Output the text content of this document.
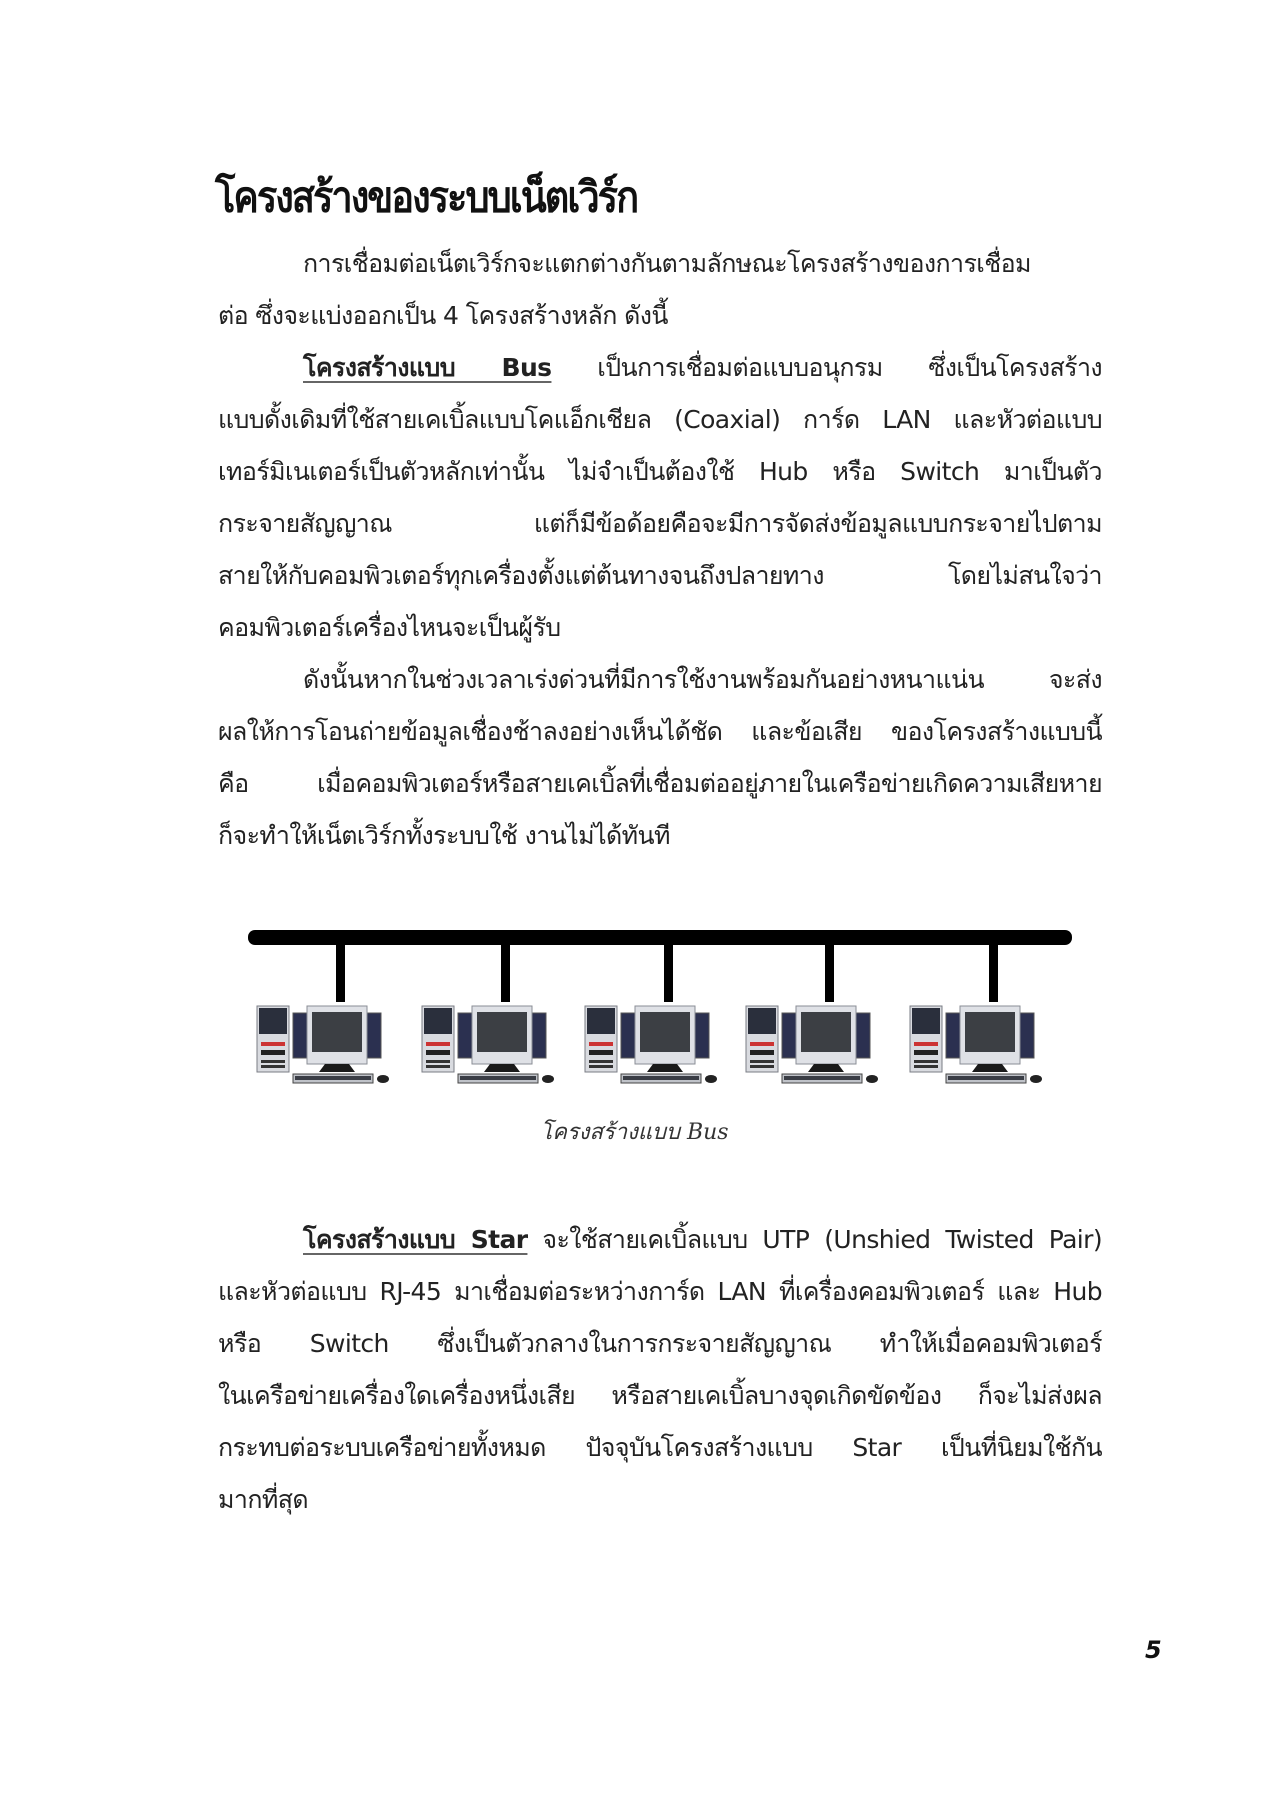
โครงสร้างของระบบเน็ตเวิร์ก
การเชื่อมต่อเน็ตเวิร์กจะแตกต่างกันตามลักษณะโครงสร้างของการเชื่อม
ต่อ ซึ่งจะแบ่งออกเป็น 4 โครงสร้างหลัก ดังนี้
โครงสร้างแบบ Bus เป็นการเชื่อมต่อแบบอนุกรม ซึ่งเป็นโครงสร้าง
แบบดั้งเดิมที่ใช้สายเคเบิ้ลแบบโคแอ็กเชียล (Coaxial) การ์ด LAN และหัวต่อแบบ
เทอร์มิเนเตอร์เป็นตัวหลักเท่านั้น ไม่จำเป็นต้องใช้ Hub หรือ Switch มาเป็นตัว
กระจายสัญญาณ แต่ก็มีข้อด้อยคือจะมีการจัดส่งข้อมูลแบบกระจายไปตาม
สายให้กับคอมพิวเตอร์ทุกเครื่องตั้งแต่ต้นทางจนถึงปลายทาง โดยไม่สนใจว่า
คอมพิวเตอร์เครื่องไหนจะเป็นผู้รับ
ดังนั้นหากในช่วงเวลาเร่งด่วนที่มีการใช้งานพร้อมกันอย่างหนาแน่น จะส่ง
ผลให้การโอนถ่ายข้อมูลเชื่องช้าลงอย่างเห็นได้ชัด และข้อเสีย ของโครงสร้างแบบนี้
คือ เมื่อคอมพิวเตอร์หรือสายเคเบิ้ลที่เชื่อมต่ออยู่ภายในเครือข่ายเกิดความเสียหาย
ก็จะทำให้เน็ตเวิร์กทั้งระบบใช้ งานไม่ได้ทันที
โครงสร้างแบบ Bus
โครงสร้างแบบ Star จะใช้สายเคเบิ้ลแบบ UTP (Unshied Twisted Pair)
และหัวต่อแบบ RJ-45 มาเชื่อมต่อระหว่างการ์ด LAN ที่เครื่องคอมพิวเตอร์ และ Hub
หรือ Switch ซึ่งเป็นตัวกลางในการกระจายสัญญาณ ทำให้เมื่อคอมพิวเตอร์
ในเครือข่ายเครื่องใดเครื่องหนึ่งเสีย หรือสายเคเบิ้ลบางจุดเกิดขัดข้อง ก็จะไม่ส่งผล
กระทบต่อระบบเครือข่ายทั้งหมด ปัจจุบันโครงสร้างแบบ Star เป็นที่นิยมใช้กัน
มากที่สุด
5
